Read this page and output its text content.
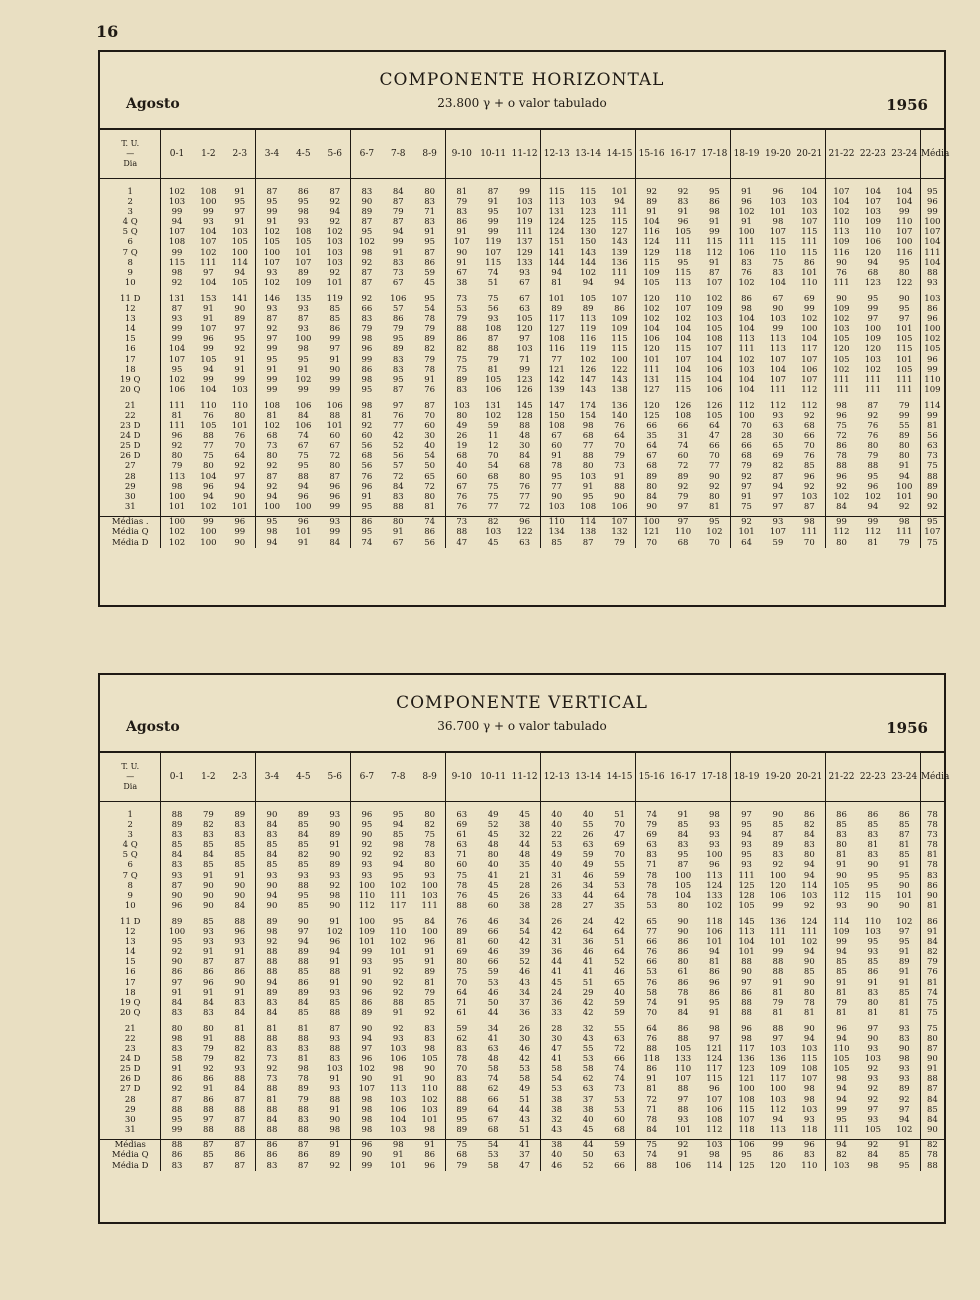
16
COMPONENTE HORIZONTAL
Agosto	23.800 γ + o valor tabulado	1956
T. U.
—
Dia	0-1	1-2	2-3	3-4	4-5	5-6	6-7	7-8	8-9	9-10	10-11	11-12	12-13	13-14	14-15	15-16	16-17	17-18	18-19	19-20	20-21	21-22	22-23	23-24	Média

1	102	108	91	87	86	87	83	84	80	81	87	99	115	115	101	92	92	95	91	96	104	107	104	104	95
2	103	100	95	95	95	92	90	87	83	79	91	103	113	103	94	89	83	86	96	103	103	104	107	104	96
3	99	99	97	99	98	94	89	79	71	83	95	107	131	123	111	91	91	98	102	101	103	102	103	99	99
4 Q	94	93	91	91	93	92	87	87	83	86	99	119	124	125	115	104	96	91	91	98	107	110	109	110	100
5 Q	107	104	103	102	108	102	95	94	91	91	99	111	124	130	127	116	105	99	100	107	115	113	110	107	107
6	108	107	105	105	105	103	102	99	95	107	119	137	151	150	143	124	111	115	111	115	111	109	106	100	104
7 Q	99	102	100	100	101	103	98	91	87	90	107	129	141	143	139	129	118	112	106	110	115	116	120	116	111
8	115	111	114	107	107	103	92	83	86	91	115	133	144	144	136	115	95	91	83	75	86	90	94	95	104
9	98	97	94	93	89	92	87	73	59	67	74	93	94	102	111	109	115	87	76	83	101	76	68	80	88
10	92	104	105	102	109	101	87	67	45	38	51	67	81	94	94	105	113	107	102	104	110	111	123	122	93

11 D	131	153	141	146	135	119	92	106	95	73	75	67	101	105	107	120	110	102	86	67	69	90	95	90	103
12	87	91	90	93	93	85	66	57	54	53	56	63	89	89	86	102	107	109	98	90	99	109	99	95	86
13	93	91	89	87	87	85	83	86	78	79	93	105	117	113	109	102	102	103	104	103	102	102	97	97	96
14	99	107	97	92	93	86	79	79	79	88	108	120	127	119	109	104	104	105	104	99	100	103	100	101	100
15	99	96	95	97	100	99	98	95	89	86	87	97	108	116	115	106	104	108	113	113	104	105	109	105	102
16	104	99	92	99	98	97	96	89	82	82	88	103	116	119	115	120	115	107	111	113	117	120	120	115	105
17	107	105	91	95	95	91	99	83	79	75	79	71	77	102	100	101	107	104	102	107	107	105	103	101	96
18	95	94	91	91	91	90	86	83	78	75	81	99	121	126	122	111	104	106	103	104	106	102	102	105	99
19 Q	102	99	99	99	102	99	98	95	91	89	105	123	142	147	143	131	115	104	104	107	107	111	111	111	110
20 Q	106	104	103	99	99	99	95	87	76	83	106	126	139	143	138	127	115	106	104	111	112	111	111	111	109

21	111	110	110	108	106	106	98	97	87	103	131	145	147	174	136	120	126	126	112	112	112	98	87	79	114
22	81	76	80	81	84	88	81	76	70	80	102	128	150	154	140	125	108	105	100	93	92	96	92	99	99
23 D	111	105	101	102	106	101	92	77	60	49	59	88	108	98	76	66	66	64	70	63	68	75	76	55	81
24 D	96	88	76	68	74	60	60	42	30	26	11	48	67	68	64	35	31	47	28	30	66	72	76	89	56
25 D	92	77	70	73	67	67	56	52	40	19	12	30	60	77	70	64	74	66	66	65	70	86	80	80	63
26 D	80	75	64	80	75	72	68	56	54	68	70	84	91	88	79	67	60	70	68	69	76	78	79	80	73
27	79	80	92	92	95	80	56	57	50	40	54	68	78	80	73	68	72	77	79	82	85	88	88	91	75
28	113	104	97	87	88	87	76	72	65	60	68	80	95	103	91	89	89	90	92	87	96	96	95	94	88
29	98	96	94	92	94	96	96	84	72	67	75	76	77	91	88	80	92	92	97	94	92	92	96	100	89
30	100	94	90	94	96	96	91	83	80	76	75	77	90	95	90	84	79	80	91	97	103	102	102	101	90
31	101	102	101	100	100	99	95	88	81	76	77	72	103	108	106	90	97	81	75	97	87	84	94	92	92

Médias .	100	99	96	95	96	93	86	80	74	73	82	96	110	114	107	100	97	95	92	93	98	99	99	98	95
Média Q	102	100	99	98	101	99	95	91	86	88	103	122	134	138	132	121	110	102	101	107	111	112	112	111	107
Média D	102	100	90	94	91	84	74	67	56	47	45	63	85	87	79	70	68	70	64	59	70	80	81	79	75
COMPONENTE VERTICAL
Agosto	36.700 γ + o valor tabulado	1956
T. U.
—
Dia	0-1	1-2	2-3	3-4	4-5	5-6	6-7	7-8	8-9	9-10	10-11	11-12	12-13	13-14	14-15	15-16	16-17	17-18	18-19	19-20	20-21	21-22	22-23	23-24	Média

1	88	79	89	90	89	93	96	95	80	63	49	45	40	40	51	74	91	98	97	90	86	86	86	86	78
2	89	82	83	84	85	90	95	94	82	69	52	38	40	55	70	79	85	93	95	85	82	85	85	85	78
3	83	83	83	83	84	89	90	85	75	61	45	32	22	26	47	69	84	93	94	87	84	83	83	87	73
4 Q	85	85	85	85	85	91	92	98	78	63	48	44	53	63	69	63	83	93	93	89	83	80	81	81	78
5 Q	84	84	85	84	82	90	92	92	83	71	80	48	49	59	70	83	95	100	95	83	80	81	83	85	81
6	83	85	85	85	85	89	93	94	80	60	40	35	40	49	55	71	87	96	93	92	94	91	90	91	78
7 Q	93	91	91	93	93	93	93	95	93	75	41	21	31	46	59	78	100	113	111	100	94	90	95	95	83
8	87	90	90	90	88	92	100	102	100	78	45	28	26	34	53	78	105	124	125	120	114	105	95	90	86
9	90	90	90	94	95	98	110	111	103	76	45	26	33	44	64	78	104	133	128	106	103	112	115	101	90
10	96	90	84	90	85	90	112	117	111	88	60	38	28	27	35	53	80	102	105	99	92	93	90	90	81

11 D	89	85	88	89	90	91	100	95	84	76	46	34	26	24	42	65	90	118	145	136	124	114	110	102	86
12	100	93	96	98	97	102	109	110	100	89	66	54	42	64	64	77	90	106	113	111	111	109	103	97	91
13	95	93	93	92	94	96	101	102	96	81	60	42	31	36	51	66	86	101	104	101	102	99	95	95	84
14	92	91	91	88	89	94	99	101	91	69	46	39	36	46	64	76	86	94	101	99	94	94	93	91	82
15	90	87	87	88	88	91	93	95	91	80	66	52	44	41	52	66	80	81	88	88	90	85	85	89	79
16	86	86	86	88	85	88	91	92	89	75	59	46	41	41	46	53	61	86	90	88	85	85	86	91	76
17	97	96	90	94	86	91	90	92	81	70	53	43	45	51	65	76	86	96	97	91	90	91	91	91	81
18	91	91	91	89	89	93	96	92	79	64	46	34	24	29	40	58	78	86	86	81	80	81	83	85	74
19 Q	84	84	83	83	84	85	86	88	85	71	50	37	36	42	59	74	91	95	88	79	78	79	80	81	75
20 Q	83	83	84	84	85	88	89	91	92	61	44	36	33	42	59	70	84	91	88	81	81	81	81	81	75

21	80	80	81	81	81	87	90	92	83	59	34	26	28	32	55	64	86	98	96	88	90	96	97	93	75
22	98	91	88	88	88	93	94	93	83	62	41	30	30	43	63	76	88	97	98	97	94	94	90	83	80
23	83	79	82	83	83	88	97	103	98	83	63	46	47	55	72	88	105	121	117	103	103	110	93	90	87
24 D	58	79	82	73	81	83	96	106	105	78	48	42	41	53	66	118	133	124	136	136	115	105	103	98	90
25 D	91	92	93	92	98	103	102	98	90	70	58	53	58	58	74	86	110	117	123	109	108	105	92	93	91
26 D	86	86	88	73	78	91	90	91	90	83	74	58	54	62	74	91	107	115	121	117	107	98	93	93	88
27 D	92	91	84	88	89	93	107	113	110	88	62	49	53	63	73	81	88	96	100	100	98	94	92	89	87
28	87	86	87	81	79	88	98	103	102	88	66	51	38	37	53	72	97	107	108	103	98	94	92	92	84
29	88	88	88	88	88	91	98	106	103	89	64	44	38	38	53	71	88	106	115	112	103	99	97	97	85
30	95	97	87	84	83	90	98	104	101	95	67	43	32	40	60	78	93	108	107	94	93	95	93	94	84
31	99	88	88	88	88	98	98	103	98	89	68	51	43	45	68	84	101	112	118	113	118	111	105	102	90

Médias	88	87	87	86	87	91	96	98	91	75	54	41	38	44	59	75	92	103	106	99	96	94	92	91	82
Média Q	86	85	86	86	86	89	90	91	86	68	53	37	40	50	63	74	91	98	95	86	83	82	84	85	78
Média D	83	87	87	83	87	92	99	101	96	79	58	47	46	52	66	88	106	114	125	120	110	103	98	95	88
